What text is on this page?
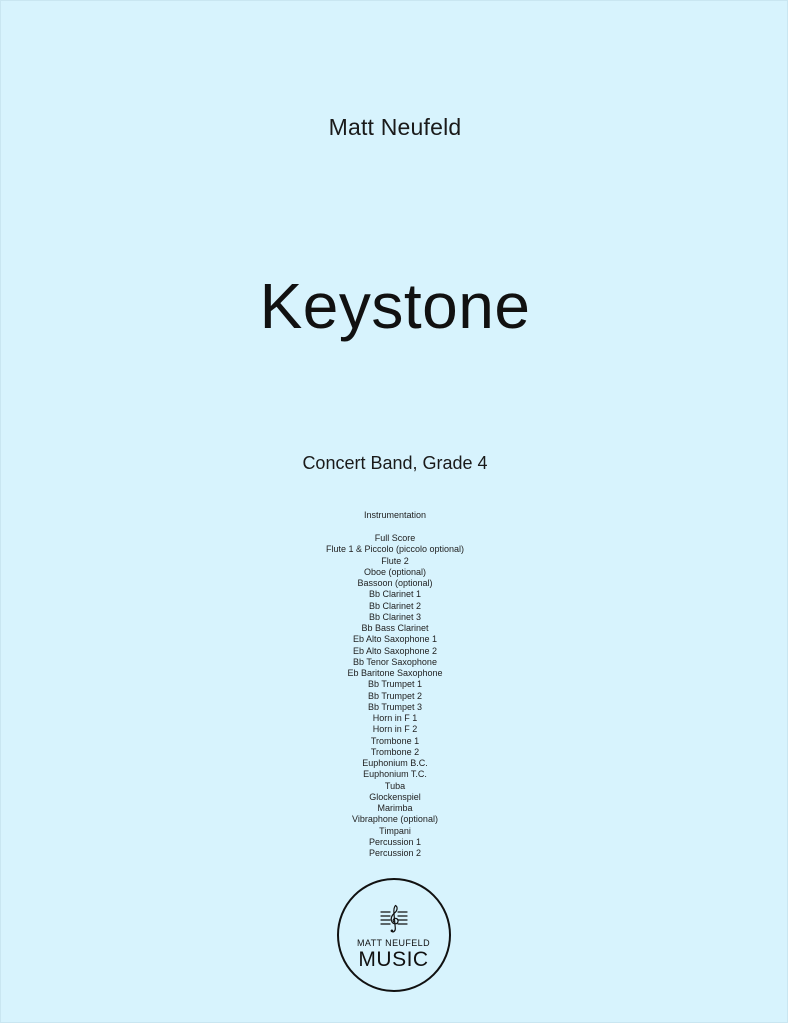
Matt Neufeld
Keystone
Concert Band, Grade 4
Instrumentation
Full Score
Flute 1 & Piccolo (piccolo optional)
Flute 2
Oboe (optional)
Bassoon (optional)
Bb Clarinet 1
Bb Clarinet 2
Bb Clarinet 3
Bb Bass Clarinet
Eb Alto Saxophone 1
Eb Alto Saxophone 2
Bb Tenor Saxophone
Eb Baritone Saxophone
Bb Trumpet 1
Bb Trumpet 2
Bb Trumpet 3
Horn in F 1
Horn in F 2
Trombone 1
Trombone 2
Euphonium B.C.
Euphonium T.C.
Tuba
Glockenspiel
Marimba
Vibraphone (optional)
Timpani
Percussion 1
Percussion 2
MATT NEUFELD
MUSIC
